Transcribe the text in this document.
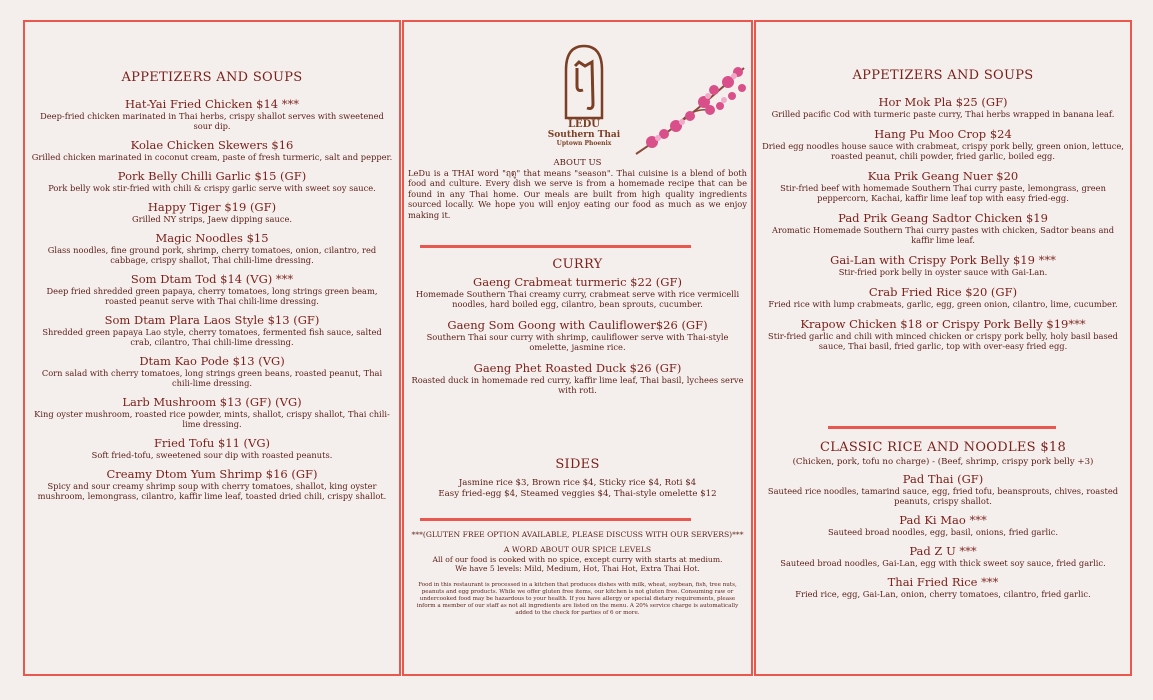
APPETIZERS AND SOUPS
Hat-Yai Fried Chicken $14 ***
Deep-fried chicken marinated in Thai herbs, crispy shallot serves with sweetened sour dip.
Kolae Chicken Skewers $16
Grilled chicken marinated in coconut cream, paste of fresh turmeric, salt and pepper.
Pork Belly Chilli Garlic $15 (GF)
Pork belly wok stir-fried with chili & crispy garlic serve with sweet soy sauce.
Happy Tiger $19 (GF)
Grilled NY strips, Jaew dipping sauce.
Magic Noodles $15
Glass noodles, fine ground pork, shrimp, cherry tomatoes, onion, cilantro, red cabbage, crispy shallot, Thai chili-lime dressing.
Som Dtam Tod $14 (VG) ***
Deep fried shredded green papaya, cherry tomatoes, long strings green beam, roasted peanut serve with Thai chili-lime dressing.
Som Dtam Plara Laos Style $13 (GF)
Shredded green papaya Lao style, cherry tomatoes, fermented fish sauce, salted crab, cilantro, Thai chili-lime dressing.
Dtam Kao Pode $13 (VG)
Corn salad with cherry tomatoes, long strings green beans, roasted peanut, Thai chili-lime dressing.
Larb Mushroom $13 (GF) (VG)
King oyster mushroom, roasted rice powder, mints, shallot, crispy shallot, Thai chili-lime dressing.
Fried Tofu $11 (VG)
Soft fried-tofu, sweetened sour dip with roasted peanuts.
Creamy Dtom Yum Shrimp $16 (GF)
Spicy and sour creamy shrimp soup with cherry tomatoes, shallot, king oyster mushroom, lemongrass, cilantro, kaffir lime leaf, toasted dried chili, crispy shallot.
LEDU
Southern Thai
Uptown Phoenix
ABOUT US
LeDu is a THAI word "ฤดู" that means "season". Thai cuisine is a blend of both food and culture. Every dish we serve is from a homemade recipe that can be found in any Thai home. Our meals are built from high quality ingredients sourced locally. We hope you will enjoy eating our food as much as we enjoy making it.
CURRY
Gaeng Crabmeat turmeric $22 (GF)
Homemade Southern Thai creamy curry, crabmeat serve with rice vermicelli noodles, hard boiled egg, cilantro, bean sprouts, cucumber.
Gaeng Som Goong with Cauliflower$26 (GF)
Southern Thai sour curry with shrimp, cauliflower serve with Thai-style omelette, jasmine rice.
Gaeng Phet Roasted Duck $26 (GF)
Roasted duck in homemade red curry, kaffir lime leaf, Thai basil, lychees serve with roti.
SIDES
Jasmine rice $3, Brown rice $4, Sticky rice $4, Roti $4
Easy fried-egg $4, Steamed veggies $4, Thai-style omelette $12
***(GLUTEN FREE OPTION AVAILABLE, PLEASE DISCUSS WITH OUR SERVERS)***
A WORD ABOUT OUR SPICE LEVELS
All of our food is cooked with no spice, except curry with starts at medium.
We have 5 levels: Mild, Medium, Hot, Thai Hot, Extra Thai Hot.
Food in this restaurant is processed in a kitchen that produces dishes with milk, wheat, soybean, fish, tree nuts, peanuts and egg products. While we offer gluten free items, our kitchen is not gluten free. Consuming raw or undercooked food may be hazardous to your health. If you have allergy or special dietary requirements, please inform a member of our staff as not all ingredients are listed on the menu. A 20% service charge is automatically added to the check for parties of 6 or more.
APPETIZERS AND SOUPS
Hor Mok Pla $25 (GF)
Grilled pacific Cod with turmeric paste curry, Thai herbs wrapped in banana leaf.
Hang Pu Moo Crop $24
Dried egg noodles house sauce with crabmeat, crispy pork belly, green onion, lettuce, roasted peanut, chili powder, fried garlic, boiled egg.
Kua Prik Geang Nuer $20
Stir-fried beef with homemade Southern Thai curry paste, lemongrass, green peppercorn, Kachai, kaffir lime leaf top with easy fried-egg.
Pad Prik Geang Sadtor Chicken $19
Aromatic Homemade Southern Thai curry pastes with chicken, Sadtor beans and kaffir lime leaf.
Gai-Lan with Crispy Pork Belly $19 ***
Stir-fried pork belly in oyster sauce with Gai-Lan.
Crab Fried Rice $20 (GF)
Fried rice with lump crabmeats, garlic, egg, green onion, cilantro, lime, cucumber.
Krapow Chicken $18 or Crispy Pork Belly $19***
Stir-fried garlic and chili with minced chicken or crispy pork belly, holy basil based sauce, Thai basil, fried garlic, top with over-easy fried egg.
CLASSIC RICE AND NOODLES $18
(Chicken, pork, tofu no charge) - (Beef, shrimp, crispy pork belly +3)
Pad Thai (GF)
Sauteed rice noodles, tamarind sauce, egg, fried tofu, beansprouts, chives, roasted peanuts, crispy shallot.
Pad Ki Mao ***
Sauteed broad noodles, egg, basil, onions, fried garlic.
Pad Z U ***
Sauteed broad noodles, Gai-Lan, egg with thick sweet soy sauce, fried garlic.
Thai Fried Rice ***
Fried rice, egg, Gai-Lan, onion, cherry tomatoes, cilantro, fried garlic.
